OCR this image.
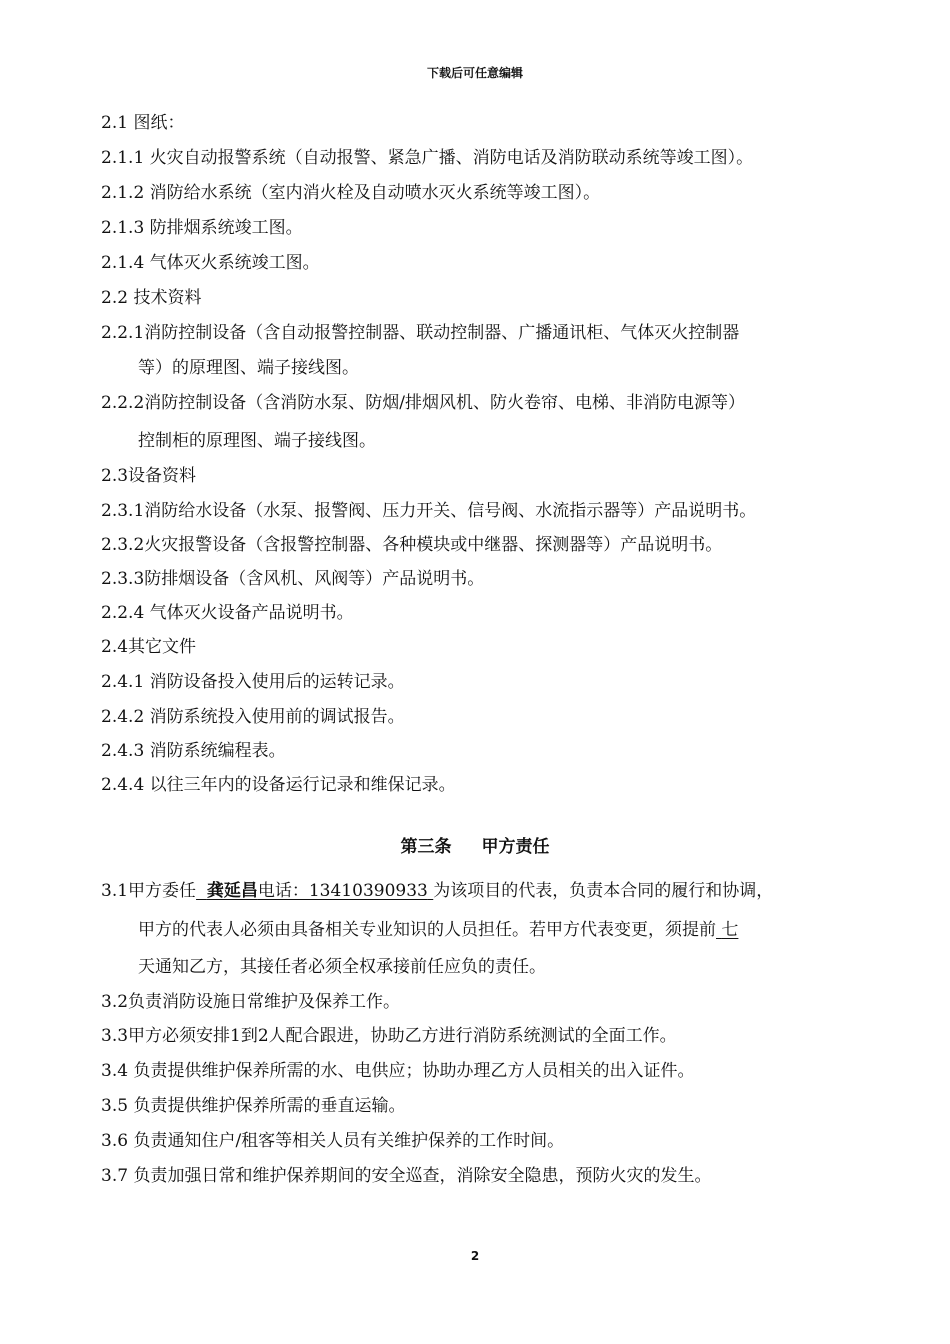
下载后可任意编辑
2.1 图纸：
2.1.1 火灾自动报警系统（自动报警、紧急广播、消防电话及消防联动系统等竣工图）。
2.1.2 消防给水系统（室内消火栓及自动喷水灭火系统等竣工图）。
2.1.3 防排烟系统竣工图。
2.1.4 气体灭火系统竣工图。
2.2 技术资料
2.2.1消防控制设备（含自动报警控制器、联动控制器、广播通讯柜、气体灭火控制器
等）的原理图、端子接线图。
2.2.2消防控制设备（含消防水泵、防烟/排烟风机、防火卷帘、电梯、非消防电源等）
控制柜的原理图、端子接线图。
2.3设备资料
2.3.1消防给水设备（水泵、报警阀、压力开关、信号阀、水流指示器等）产品说明书。
2.3.2火灾报警设备（含报警控制器、各种模块或中继器、探测器等）产品说明书。
2.3.3防排烟设备（含风机、风阀等）产品说明书。
2.2.4 气体灭火设备产品说明书。
2.4其它文件
2.4.1 消防设备投入使用后的运转记录。
2.4.2 消防系统投入使用前的调试报告。
2.4.3 消防系统编程表。
2.4.4 以往三年内的设备运行记录和维保记录。
第三条 甲方责任
3.1甲方委任 龚延昌电话：13410390933 为该项目的代表，负责本合同的履行和协调，
甲方的代表人必须由具备相关专业知识的人员担任。若甲方代表变更，须提前 七
天通知乙方，其接任者必须全权承接前任应负的责任。
3.2负责消防设施日常维护及保养工作。
3.3甲方必须安排1到2人配合跟进，协助乙方进行消防系统测试的全面工作。
3.4 负责提供维护保养所需的水、电供应；协助办理乙方人员相关的出入证件。
3.5 负责提供维护保养所需的垂直运输。
3.6 负责通知住户/租客等相关人员有关维护保养的工作时间。
3.7 负责加强日常和维护保养期间的安全巡查，消除安全隐患，预防火灾的发生。
2
